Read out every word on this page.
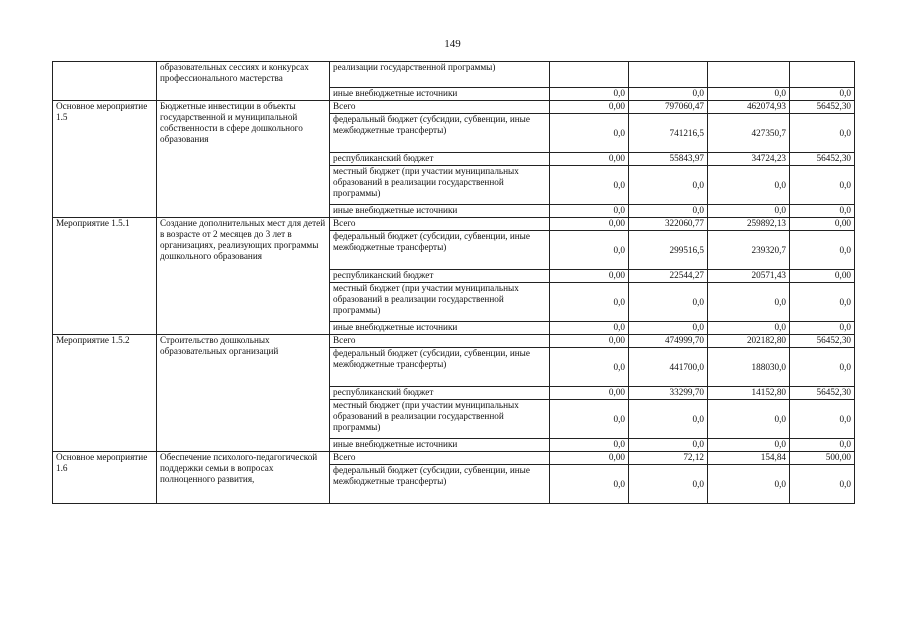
149
	образовательных сессиях и конкурсах профессионального мастерства	реализации государственной программы)				
		иные внебюджетные источники	0,0	0,0	0,0	0,0
Основное мероприятие 1.5	Бюджетные инвестиции в объекты государственной и муниципальной собственности в сфере дошкольного образования	Всего	0,00	797060,47	462074,93	56452,30
		федеральный бюджет (субсидии, субвенции, иные межбюджетные трансферты)	0,0	741216,5	427350,7	0,0
		республиканский бюджет	0,00	55843,97	34724,23	56452,30
		местный бюджет (при участии муниципальных образований в реализации государственной программы)	0,0	0,0	0,0	0,0
		иные внебюджетные источники	0,0	0,0	0,0	0,0
Мероприятие 1.5.1	Создание дополнительных мест для детей в возрасте от 2 месяцев до 3 лет в организациях, реализующих программы дошкольного образования	Всего	0,00	322060,77	259892,13	0,00
		федеральный бюджет (субсидии, субвенции, иные межбюджетные трансферты)	0,0	299516,5	239320,7	0,0
		республиканский бюджет	0,00	22544,27	20571,43	0,00
		местный бюджет (при участии муниципальных образований в реализации государственной программы)	0,0	0,0	0,0	0,0
		иные внебюджетные источники	0,0	0,0	0,0	0,0
Мероприятие 1.5.2	Строительство дошкольных образовательных организаций	Всего	0,00	474999,70	202182,80	56452,30
		федеральный бюджет (субсидии, субвенции, иные межбюджетные трансферты)	0,0	441700,0	188030,0	0,0
		республиканский бюджет	0,00	33299,70	14152,80	56452,30
		местный бюджет (при участии муниципальных образований в реализации государственной программы)	0,0	0,0	0,0	0,0
		иные внебюджетные источники	0,0	0,0	0,0	0,0
Основное мероприятие 1.6	Обеспечение психолого-педагогической поддержки семьи в вопросах полноценного развития,	Всего	0,00	72,12	154,84	500,00
		федеральный бюджет (субсидии, субвенции, иные межбюджетные трансферты)	0,0	0,0	0,0	0,0
